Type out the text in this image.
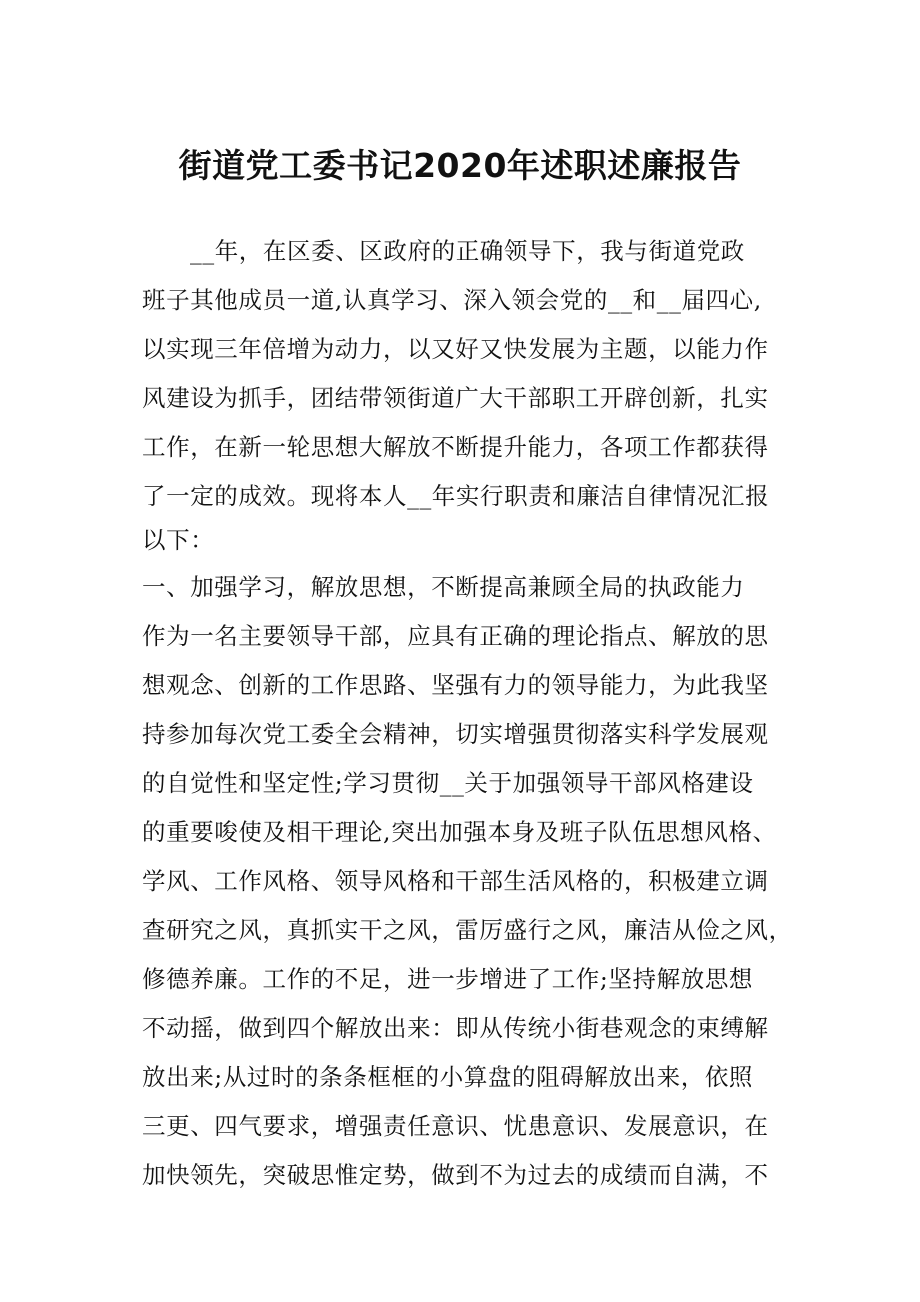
街道党工委书记2020年述职述廉报告
__年，在区委、区政府的正确领导下，我与街道党政
班子其他成员一道,认真学习、深入领会党的__和__届四心,
以实现三年倍增为动力，以又好又快发展为主题，以能力作
风建设为抓手，团结带领街道广大干部职工开辟创新，扎实
工作，在新一轮思想大解放不断提升能力，各项工作都获得
了一定的成效。现将本人__年实行职责和廉洁自律情况汇报
以下：
一、加强学习，解放思想，不断提高兼顾全局的执政能力
作为一名主要领导干部，应具有正确的理论指点、解放的思
想观念、创新的工作思路、坚强有力的领导能力，为此我坚
持参加每次党工委全会精神，切实增强贯彻落实科学发展观
的自觉性和坚定性;学习贯彻__关于加强领导干部风格建设
的重要唆使及相干理论,突出加强本身及班子队伍思想风格、
学风、工作风格、领导风格和干部生活风格的，积极建立调
查研究之风，真抓实干之风，雷厉盛行之风，廉洁从俭之风，
修德养廉。工作的不足，进一步增进了工作;坚持解放思想
不动摇，做到四个解放出来：即从传统小街巷观念的束缚解
放出来;从过时的条条框框的小算盘的阻碍解放出来，依照
三更、四气要求，增强责任意识、忧患意识、发展意识，在
加快领先，突破思惟定势，做到不为过去的成绩而自满，不
